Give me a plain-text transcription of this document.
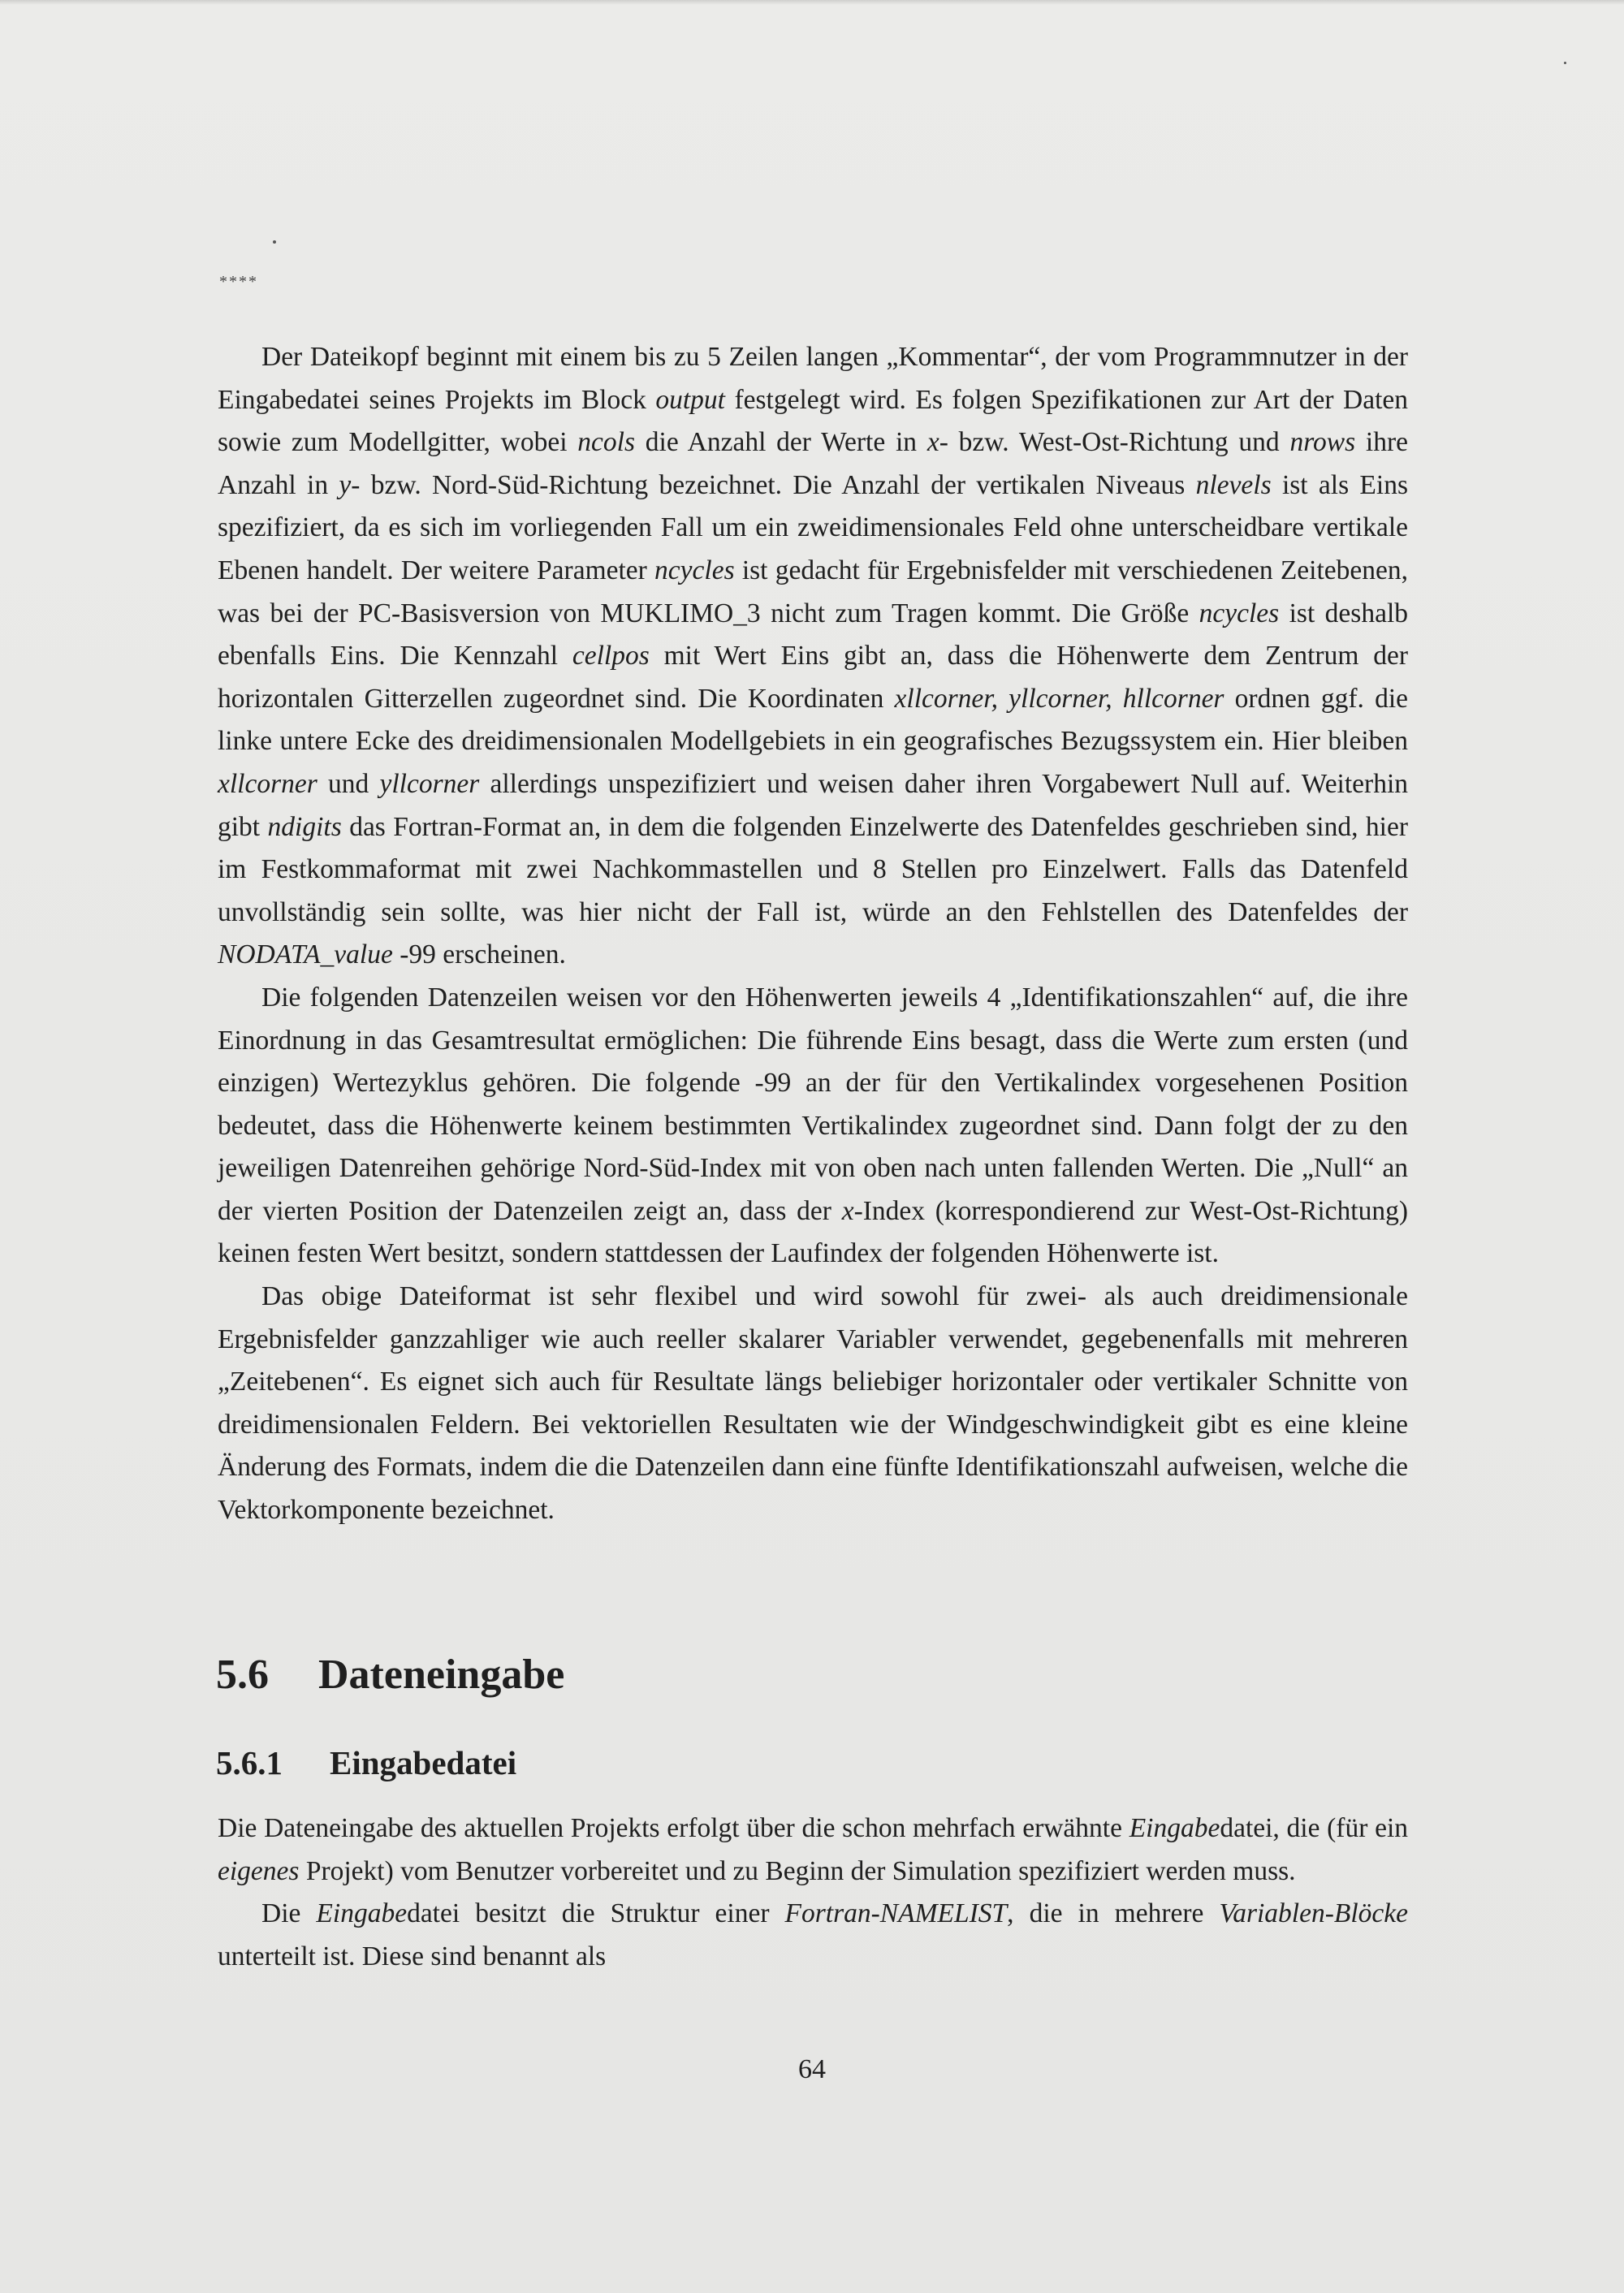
****

Der Dateikopf beginnt mit einem bis zu 5 Zeilen langen „Kommentar“, der vom Programmnutzer in der Eingabedatei seines Projekts im Block output festgelegt wird. Es folgen Spezifikationen zur Art der Daten sowie zum Modellgitter, wobei ncols die Anzahl der Werte in x- bzw. West-Ost-Richtung und nrows ihre Anzahl in y- bzw. Nord-Süd-Richtung bezeichnet. Die Anzahl der vertikalen Niveaus nlevels ist als Eins spezifiziert, da es sich im vorliegenden Fall um ein zweidimensionales Feld ohne unterscheidbare vertikale Ebenen handelt. Der weitere Parameter ncycles ist gedacht für Ergebnisfelder mit verschiedenen Zeitebenen, was bei der PC-Basisversion von MUKLIMO_3 nicht zum Tragen kommt. Die Größe ncycles ist deshalb ebenfalls Eins. Die Kennzahl cellpos mit Wert Eins gibt an, dass die Höhenwerte dem Zentrum der horizontalen Gitterzellen zugeordnet sind. Die Koordinaten xllcorner, yllcorner, hllcorner ordnen ggf. die linke untere Ecke des dreidimensionalen Modellgebiets in ein geografisches Bezugssystem ein. Hier bleiben xllcorner und yllcorner allerdings unspezifiziert und weisen daher ihren Vorgabewert Null auf. Weiterhin gibt ndigits das Fortran-Format an, in dem die folgenden Einzelwerte des Datenfeldes geschrieben sind, hier im Festkommaformat mit zwei Nachkommastellen und 8 Stellen pro Einzelwert. Falls das Datenfeld unvollständig sein sollte, was hier nicht der Fall ist, würde an den Fehlstellen des Datenfeldes der NODATA_value -99 erscheinen.

Die folgenden Datenzeilen weisen vor den Höhenwerten jeweils 4 „Identifikationszahlen“ auf, die ihre Einordnung in das Gesamtresultat ermöglichen: Die führende Eins besagt, dass die Werte zum ersten (und einzigen) Wertezyklus gehören. Die folgende -99 an der für den Vertikalindex vorgesehenen Position bedeutet, dass die Höhenwerte keinem bestimmten Vertikalindex zugeordnet sind. Dann folgt der zu den jeweiligen Datenreihen gehörige Nord-Süd-Index mit von oben nach unten fallenden Werten. Die „Null“ an der vierten Position der Datenzeilen zeigt an, dass der x-Index (korrespondierend zur West-Ost-Richtung) keinen festen Wert besitzt, sondern stattdessen der Laufindex der folgenden Höhenwerte ist.

Das obige Dateiformat ist sehr flexibel und wird sowohl für zwei- als auch dreidimensionale Ergebnisfelder ganzzahliger wie auch reeller skalarer Variabler verwendet, gegebenenfalls mit mehreren „Zeitebenen“. Es eignet sich auch für Resultate längs beliebiger horizontaler oder vertikaler Schnitte von dreidimensionalen Feldern. Bei vektoriellen Resultaten wie der Windgeschwindigkeit gibt es eine kleine Änderung des Formats, indem die die Datenzeilen dann eine fünfte Identifikationszahl aufweisen, welche die Vektorkomponente bezeichnet.

5.6 Dateneingabe
5.6.1 Eingabedatei

Die Dateneingabe des aktuellen Projekts erfolgt über die schon mehrfach erwähnte Eingabedatei, die (für ein eigenes Projekt) vom Benutzer vorbereitet und zu Beginn der Simulation spezifiziert werden muss.

Die Eingabedatei besitzt die Struktur einer Fortran-NAMELIST, die in mehrere Variablen-Blöcke unterteilt ist. Diese sind benannt als

64
